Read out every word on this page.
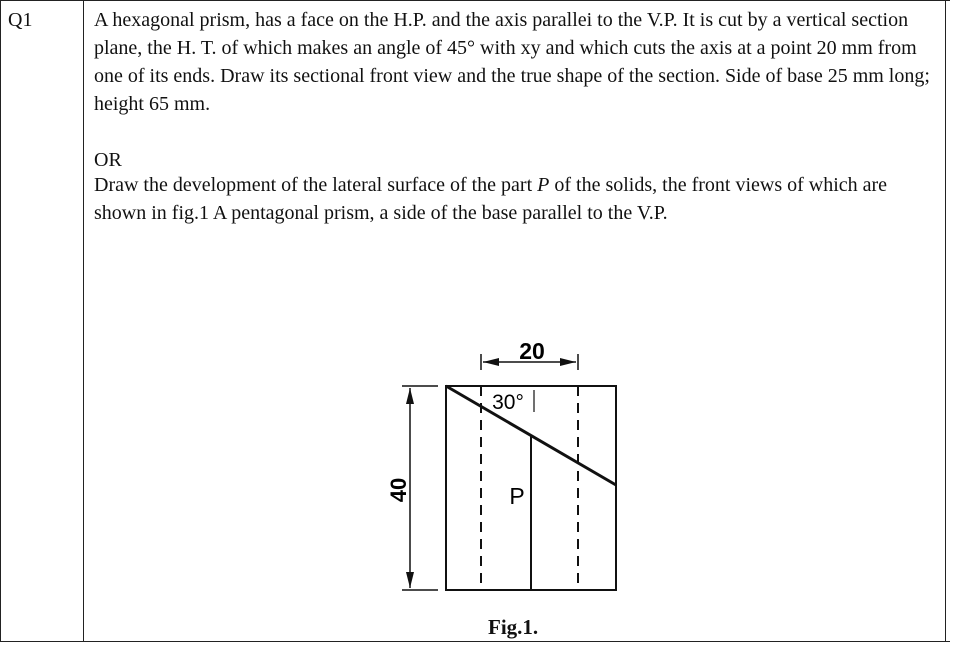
Q1	A hexagonal prism, has a face on the H.P. and the axis parallei to the V.P. It is cut by a vertical section plane, the H. T. of which makes an angle of 45° with xy and which cuts the axis at a point 20 mm from one of its ends. Draw its sectional front view and the true shape of the section. Side of base 25 mm long; height 65 mm.

OR

Draw the development of the lateral surface of the part P of the solids, the front views of which are shown in fig.1 A pentagonal prism, a side of the base parallel to the V.P.

20
40
30°
P
Fig.1.
